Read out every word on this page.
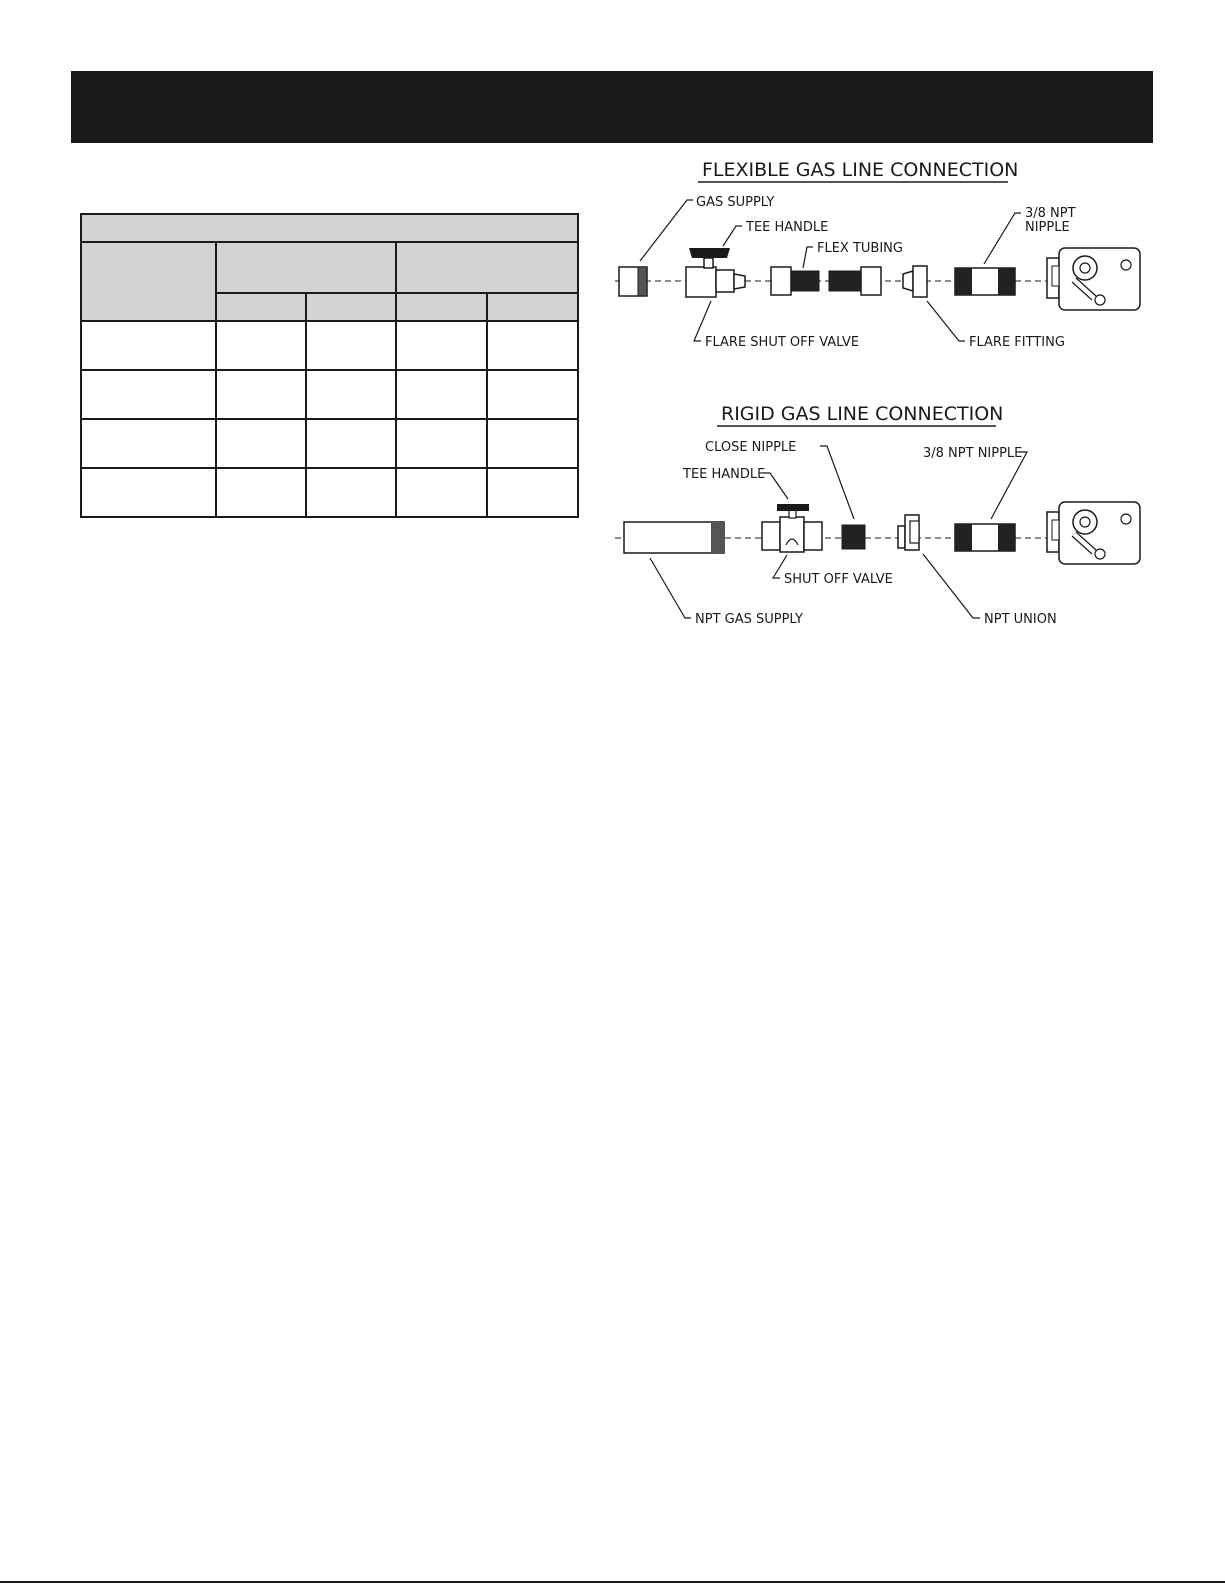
FLEXIBLE GAS LINE CONNECTION
GAS SUPPLY
TEE HANDLE
FLEX TUBING
3/8 NPT
NIPPLE
FLARE SHUT OFF VALVE	FLARE FITTING
RIGID GAS LINE CONNECTION
CLOSE NIPPLE
TEE HANDLE
3/8 NPT NIPPLE
SHUT OFF VALVE
NPT GAS SUPPLY	NPT UNION
